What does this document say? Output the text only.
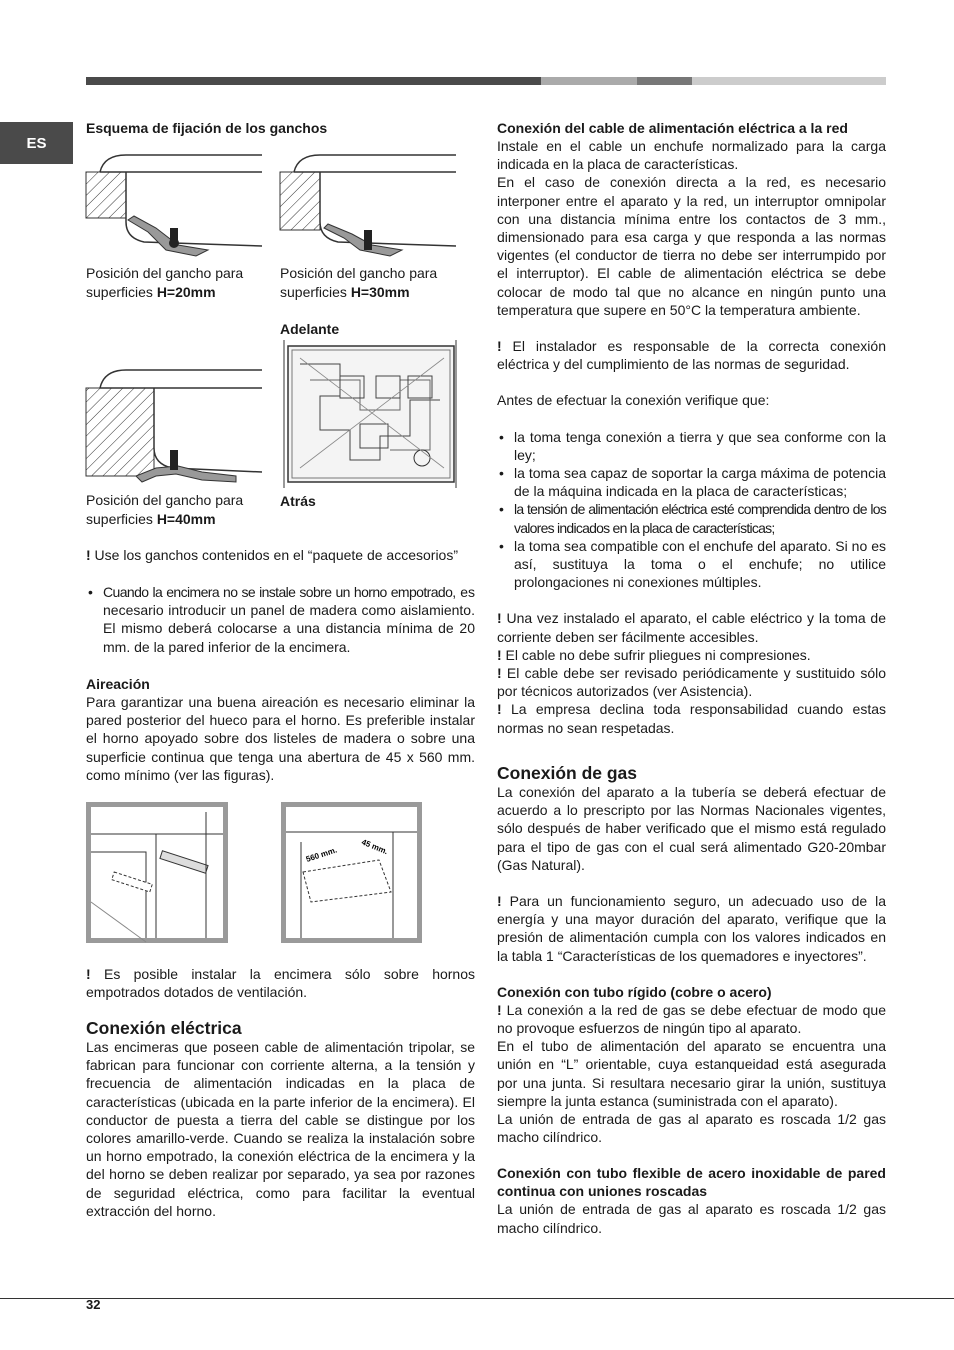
ES
Esquema de fijación de los ganchos
Posición del gancho para
superficies H=20mm
Posición del gancho para
superficies H=30mm
Adelante
Posición del gancho para
superficies H=40mm
Atrás

! Use los ganchos contenidos en el “paquete de accesorios”

• Cuando la encimera no se instale sobre un horno empotrado, es necesario introducir un panel de madera como aislamiento. El mismo deberá colocarse a una distancia mínima de 20 mm. de la pared inferior de la encimera.

Aireación

Para garantizar una buena aireación es necesario eliminar la pared posterior del hueco para el horno. Es preferible instalar el horno apoyado sobre dos listeles de madera o sobre una superficie continua que tenga una abertura de 45 x 560 mm. como mínimo (ver las figuras).

560 mm.	45 mm.

! Es posible instalar la encimera sólo sobre hornos empotrados dotados de ventilación.

Conexión eléctrica

Las encimeras que poseen cable de alimentación tripolar, se fabrican para funcionar con corriente alterna, a la tensión y frecuencia de alimentación indicadas en la placa de características (ubicada en la parte inferior de la encimera). El conductor de puesta a tierra del cable se distingue por los colores amarillo-verde. Cuando se realiza la instalación sobre un horno empotrado, la conexión eléctrica de la encimera y la del horno se deben realizar por separado, ya sea por razones de seguridad eléctrica, como para facilitar la eventual extracción del horno.

Conexión del cable de alimentación eléctrica a la red

Instale en el cable un enchufe normalizado para la carga indicada en la placa de características.

En el caso de conexión directa a la red, es necesario interponer entre el aparato y la red, un interruptor omnipolar con una distancia mínima entre los contactos de 3 mm., dimensionado para esa carga y que responda a las normas vigentes (el conductor de tierra no debe ser interrumpido por el interruptor). El cable de alimentación eléctrica se debe colocar de modo tal que no alcance en ningún punto una temperatura que supere en 50°C la temperatura ambiente.

! El instalador es responsable de la correcta conexión eléctrica y del cumplimiento de las normas de seguridad.

Antes de efectuar la conexión verifique que:

• la toma tenga conexión a tierra y que sea conforme con la ley;
• la toma sea capaz de soportar la carga máxima de potencia de la máquina indicada en la placa de características;
• la tensión de alimentación eléctrica esté comprendida dentro de los valores indicados en la placa de características;
• la toma sea compatible con el enchufe del aparato. Si no es así, sustituya la toma o el enchufe; no utilice prolongaciones ni conexiones múltiples.

! Una vez instalado el aparato, el cable eléctrico y la toma de corriente deben ser fácilmente accesibles.

! El cable no debe sufrir pliegues ni compresiones.

! El cable debe ser revisado periódicamente y sustituido sólo por técnicos autorizados (ver Asistencia).

! La empresa declina toda responsabilidad cuando estas normas no sean respetadas.

Conexión de gas

La conexión del aparato a la tubería se deberá efectuar de acuerdo a lo prescripto por las Normas Nacionales vigentes, sólo después de haber verificado que el mismo está regulado para el tipo de gas con el cual será alimentado G20-20mbar (Gas Natural).

! Para un funcionamiento seguro, un adecuado uso de la energía y una mayor duración del aparato, verifique que la presión de alimentación cumpla con los valores indicados en la tabla 1 “Características de los quemadores e inyectores”.

Conexión con tubo rígido (cobre o acero)

! La conexión a la red de gas se debe efectuar de modo que no provoque esfuerzos de ningún tipo al aparato.

En el tubo de alimentación del aparato se encuentra una unión en “L” orientable, cuya estanqueidad está asegurada por una junta. Si resultara necesario girar la unión, sustituya siempre la junta estanca (suministrada con el aparato).

La unión de entrada de gas al aparato es roscada 1/2 gas macho cilíndrico.

Conexión con tubo flexible de acero inoxidable de pared continua con uniones roscadas

La unión de entrada de gas al aparato es roscada 1/2 gas macho cilíndrico.

32
